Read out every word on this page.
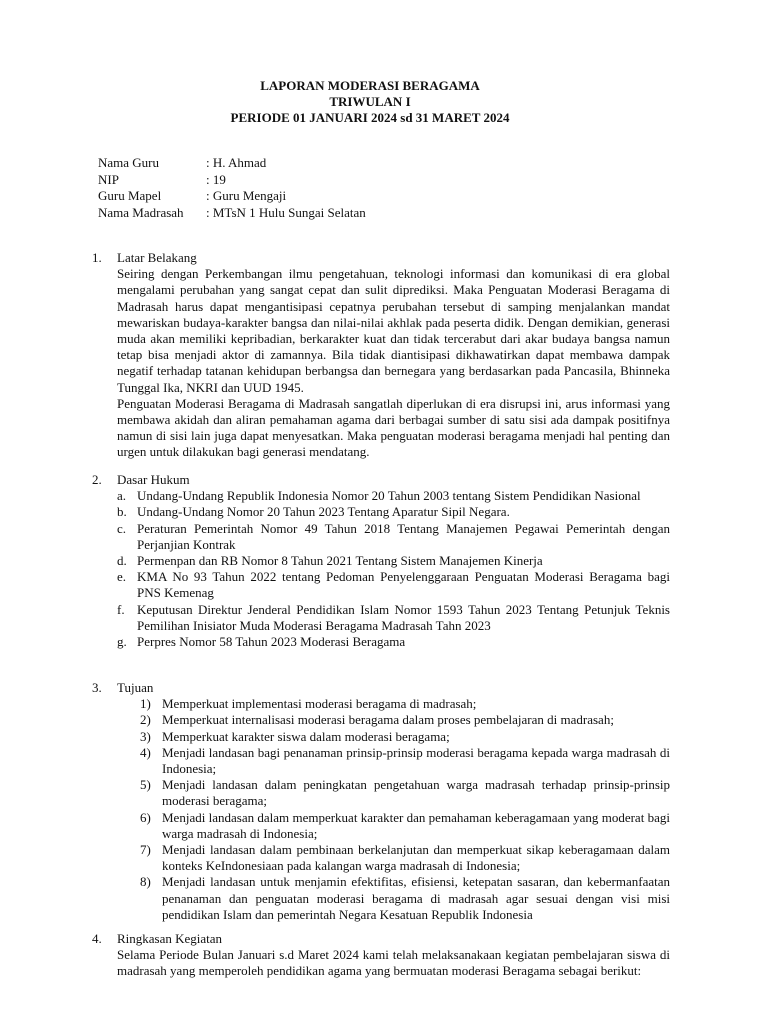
LAPORAN MODERASI BERAGAMA
TRIWULAN I
PERIODE 01 JANUARI 2024 sd 31 MARET 2024
Nama Guru	: H. Ahmad
NIP	: 19
Guru Mapel	: Guru Mengaji
Nama Madrasah	: MTsN 1 Hulu Sungai Selatan
1.	Latar Belakang
Seiring dengan Perkembangan ilmu pengetahuan, teknologi informasi dan komunikasi di era global mengalami perubahan yang sangat cepat dan sulit diprediksi. Maka Penguatan Moderasi Beragama di Madrasah harus dapat mengantisipasi cepatnya perubahan tersebut di samping menjalankan mandat mewariskan budaya-karakter bangsa dan nilai-nilai akhlak pada peserta didik. Dengan demikian, generasi muda akan memiliki kepribadian, berkarakter kuat dan tidak tercerabut dari akar budaya bangsa namun tetap bisa menjadi aktor di zamannya. Bila tidak diantisipasi dikhawatirkan dapat membawa dampak negatif terhadap tatanan kehidupan berbangsa dan bernegara yang berdasarkan pada Pancasila, Bhinneka Tunggal Ika, NKRI dan UUD 1945.
Penguatan Moderasi Beragama di Madrasah sangatlah diperlukan di era disrupsi ini, arus informasi yang membawa akidah dan aliran pemahaman agama dari berbagai sumber di satu sisi ada dampak positifnya namun di sisi lain juga dapat menyesatkan. Maka penguatan moderasi beragama menjadi hal penting dan urgen untuk dilakukan bagi generasi mendatang.
2.	Dasar Hukum
a. Undang-Undang Republik Indonesia Nomor 20 Tahun 2003 tentang Sistem Pendidikan Nasional
b. Undang-Undang Nomor 20 Tahun 2023 Tentang Aparatur Sipil Negara.
c. Peraturan Pemerintah Nomor 49 Tahun 2018 Tentang Manajemen Pegawai Pemerintah dengan Perjanjian Kontrak
d. Permenpan dan RB Nomor 8 Tahun 2021 Tentang Sistem Manajemen Kinerja
e. KMA No 93 Tahun 2022 tentang Pedoman Penyelenggaraan Penguatan Moderasi Beragama bagi PNS Kemenag
f. Keputusan Direktur Jenderal Pendidikan Islam Nomor 1593 Tahun 2023 Tentang Petunjuk Teknis Pemilihan Inisiator Muda Moderasi Beragama Madrasah Tahn 2023
g. Perpres Nomor 58 Tahun 2023 Moderasi Beragama
3.	Tujuan
1) Memperkuat implementasi moderasi beragama di madrasah;
2) Memperkuat internalisasi moderasi beragama dalam proses pembelajaran di madrasah;
3) Memperkuat karakter siswa dalam moderasi beragama;
4) Menjadi landasan bagi penanaman prinsip-prinsip moderasi beragama kepada warga madrasah di Indonesia;
5) Menjadi landasan dalam peningkatan pengetahuan warga madrasah terhadap prinsip-prinsip moderasi beragama;
6) Menjadi landasan dalam memperkuat karakter dan pemahaman keberagamaan yang moderat bagi warga madrasah di Indonesia;
7) Menjadi landasan dalam pembinaan berkelanjutan dan memperkuat sikap keberagamaan dalam konteks KeIndonesiaan pada kalangan warga madrasah di Indonesia;
8) Menjadi landasan untuk menjamin efektifitas, efisiensi, ketepatan sasaran, dan kebermanfaatan penanaman dan penguatan moderasi beragama di madrasah agar sesuai dengan visi misi pendidikan Islam dan pemerintah Negara Kesatuan Republik Indonesia
4.	Ringkasan Kegiatan
Selama Periode Bulan Januari s.d Maret 2024 kami telah melaksanakaan kegiatan pembelajaran siswa di madrasah yang memperoleh pendidikan agama yang bermuatan moderasi Beragama sebagai berikut:
